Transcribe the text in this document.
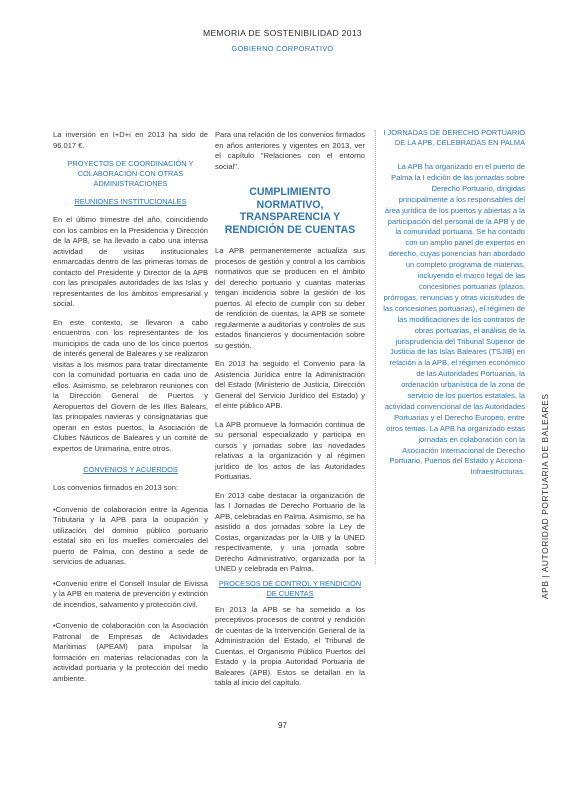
MEMORIA DE SOSTENIBILIDAD 2013
GOBIERNO CORPORATIVO

La inversión en I+D+i en 2013 ha sido de 96.017 €.

PROYECTOS DE COORDINACIÓN Y COLABORACIÓN CON OTRAS ADMINISTRACIONES
REUNIONES INSTITUCIONALES

En el último trimestre del año, coincidiendo con los cambios en la Presidencia y Dirección de la APB, se ha llevado a cabo una intensa actividad de visitas institucionales enmarcadas dentro de las primeras tomas de contacto del Presidente y Director de la APB con las principales autoridades de las Islas y representantes de los ámbitos empresarial y social.

En este contexto, se llevaron a cabo encuentros con los representantes de los municipios de cada uno de los cinco puertos de interés general de Baleares y se realizaron visitas a los mismos para tratar directamente con la comunidad portuaria en cada uno de ellos. Asimismo, se celebraron reuniones con la Dirección General de Puertos y Aeropuertos del Govern de les Illes Balears, las principales navieras y consignatarias que operan en estos puertos, la Asociación de Clubes Náuticos de Baleares y un comité de expertos de Unimarina, entre otros.

CONVENIOS Y ACUERDOS

Los convenios firmados en 2013 son:

•Convenio de colaboración entre la Agencia Tributaria y la APB para la ocupación y utilización del dominio público portuario estatal sito en los muelles comerciales del puerto de Palma, con destino a sede de servicios de aduanas.

•Convenio entre el Consell Insular de Eivissa y la APB en materia de prevención y extinción de incendios, salvamento y protección civil.

•Convenio de colaboración con la Asociación Patronal de Empresas de Actividades Marítimas (APEAM) para impulsar la formación en materias relacionadas con la actividad portuaria y la protección del medio ambiente.

Para una relación de los convenios firmados en años anteriores y vigentes en 2013, ver el capítulo "Relaciones con el entorno social".

CUMPLIMIENTO NORMATIVO, TRANSPARENCIA Y RENDICIÓN DE CUENTAS

La APB permanentemente actualiza sus procesos de gestión y control a los cambios normativos que se producen en el ámbito del derecho portuario y cuantas materias tengan incidencia sobre la gestión de los puertos. Al efecto de cumplir con su deber de rendición de cuentas, la APB se somete regularmente a auditorías y controles de sus estados financieros y documentación sobre su gestión.

En 2013 ha seguido el Convenio para la Asistencia Jurídica entre la Administración del Estado (Ministerio de Justicia, Dirección General del Servicio Jurídico del Estado) y el ente público APB.

La APB promueve la formación continua de su personal especializado y participa en cursos y jornadas sobre las novedades relativas a la organización y al régimen jurídico de los actos de las Autoridades Portuarias.

En 2013 cabe destacar la organización de las I Jornadas de Derecho Portuario de la APB, celebradas en Palma. Asimismo, se ha asistido a dos jornadas sobre la Ley de Costas, organizadas por la UIB y la UNED respectivamente, y una jornada sobre Derecho Administrativo, organizada por la UNED y celebrada en Palma.

PROCESOS DE CONTROL Y RENDICIÓN DE CUENTAS

En 2013 la APB se ha sometido a los preceptivos procesos de control y rendición de cuentas de la Intervención General de la Administración del Estado, el Tribunal de Cuentas, el Organismo Público Puertos del Estado y la propia Autoridad Portuaria de Baleares (APB). Estos se detallan en la tabla al inicio del capítulo.

I JORNADAS DE DERECHO PORTUARIO DE LA APB, CELEBRADAS EN PALMA

La APB ha organizado en el puerto de Palma la I edición de las jornadas sobre Derecho Portuario, dirigidas principalmente a los responsables del área jurídica de los puertos y abiertas a la participación del personal de la APB y de la comunidad portuaria. Se ha contado con un amplio panel de expertos en derecho, cuyas ponencias han abordado un completo programa de materias, incluyendo el marco legal de las concesiones portuarias (plazos, prórrogas, renuncias y otras vicisitudes de las concesiones portuarias), el régimen de las modificaciones de los contratos de obras portuarias, el análisis de la jurisprudencia del Tribunal Superior de Justicia de las Islas Baleares (TSJIB) en relación a la APB, el régimen económico de las Autoridades Portuarias, la ordenación urbanística de la zona de servicio de los puertos estatales, la actividad convencional de las Autoridades Portuarias y el Derecho Europeo, entre otros temas. La APB ha organizado estas jornadas en colaboración con la Asociación Internacional de Derecho Portuario, Puertos del Estado y Acciona-Infraestructuras. APB | AUTORIDAD PORTUARIA DE BALEARES
97
